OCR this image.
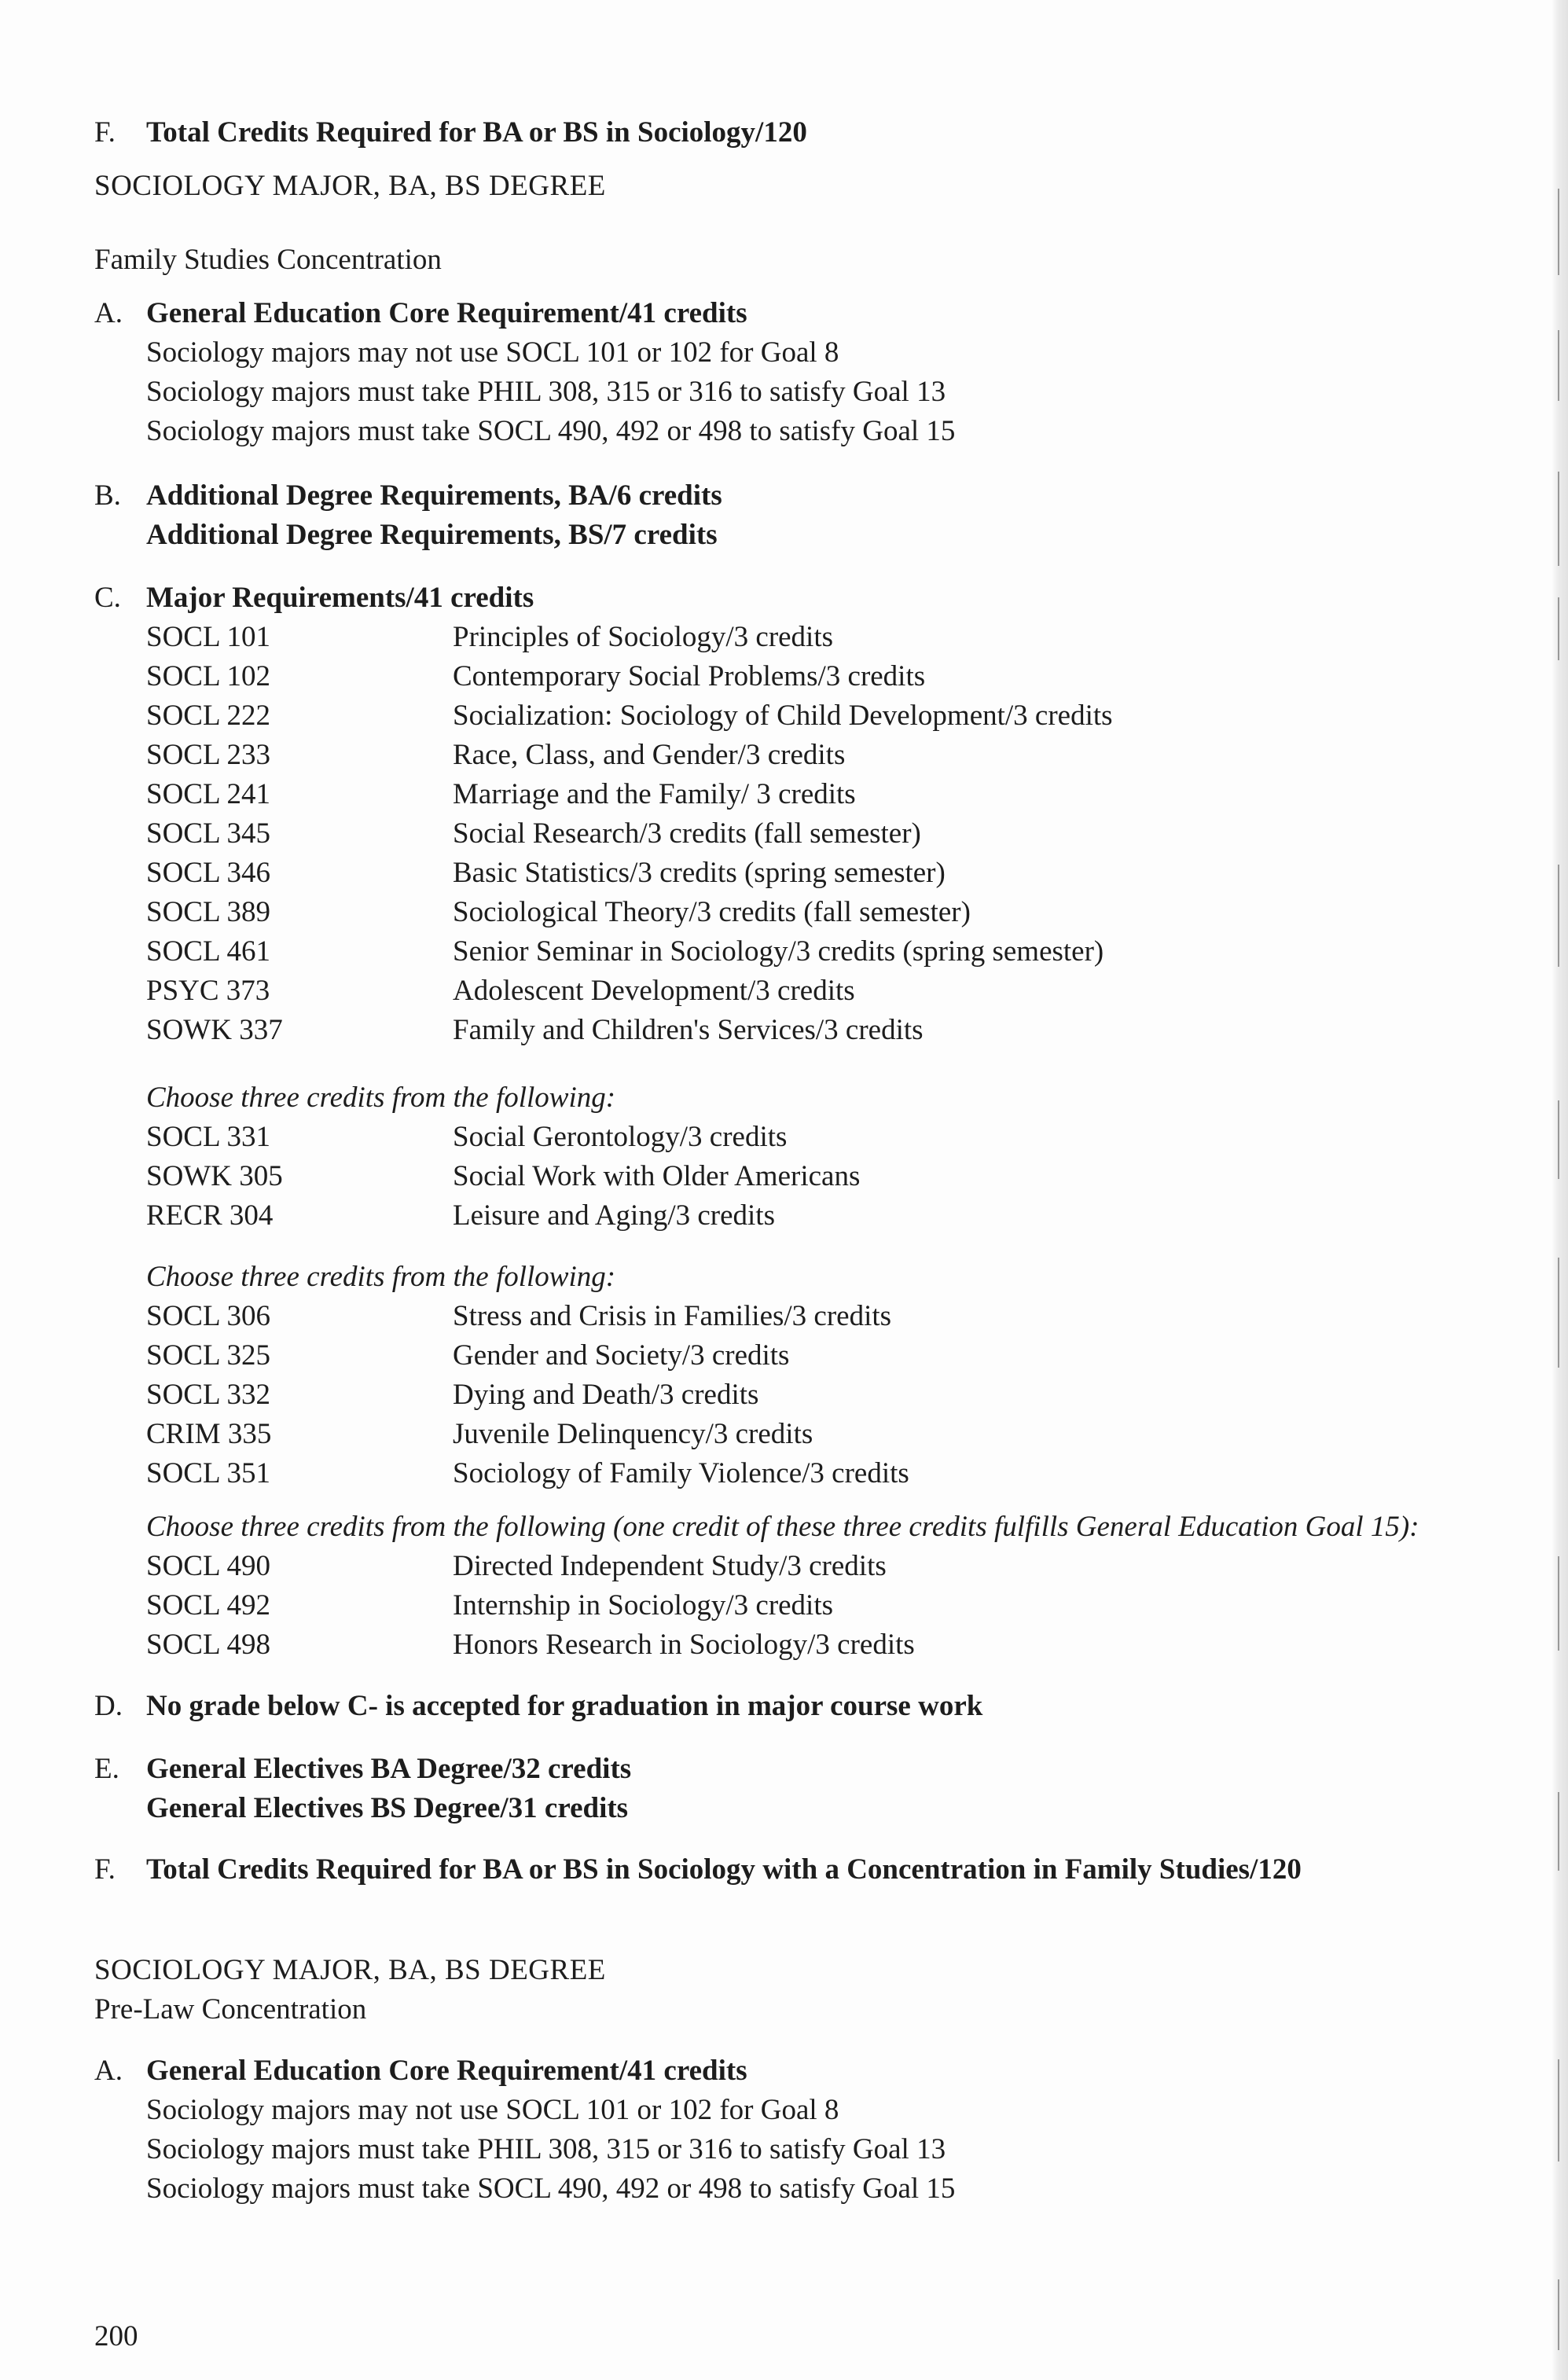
F.	Total Credits Required for BA or BS in Sociology/120
SOCIOLOGY MAJOR, BA, BS DEGREE
Family Studies Concentration
A. General Education Core Requirement/41 credits
Sociology majors may not use SOCL 101 or 102 for Goal 8
Sociology majors must take PHIL 308, 315 or 316 to satisfy Goal 13
Sociology majors must take SOCL 490, 492 or 498 to satisfy Goal 15
B. Additional Degree Requirements, BA/6 credits
Additional Degree Requirements, BS/7 credits
C. Major Requirements/41 credits
SOCL 101	Principles of Sociology/3 credits
SOCL 102	Contemporary Social Problems/3 credits
SOCL 222	Socialization: Sociology of Child Development/3 credits
SOCL 233	Race, Class, and Gender/3 credits
SOCL 241	Marriage and the Family/ 3 credits
SOCL 345	Social Research/3 credits (fall semester)
SOCL 346	Basic Statistics/3 credits (spring semester)
SOCL 389	Sociological Theory/3 credits (fall semester)
SOCL 461	Senior Seminar in Sociology/3 credits (spring semester)
PSYC 373	Adolescent Development/3 credits
SOWK 337	Family and Children's Services/3 credits
Choose three credits from the following:
SOCL 331	Social Gerontology/3 credits
SOWK 305	Social Work with Older Americans
RECR 304	Leisure and Aging/3 credits
Choose three credits from the following:
SOCL 306	Stress and Crisis in Families/3 credits
SOCL 325	Gender and Society/3 credits
SOCL 332	Dying and Death/3 credits
CRIM 335	Juvenile Delinquency/3 credits
SOCL 351	Sociology of Family Violence/3 credits
Choose three credits from the following (one credit of these three credits fulfills General Education Goal 15):
SOCL 490	Directed Independent Study/3 credits
SOCL 492	Internship in Sociology/3 credits
SOCL 498	Honors Research in Sociology/3 credits
D. No grade below C- is accepted for graduation in major course work
E. General Electives BA Degree/32 credits
General Electives BS Degree/31 credits
F.	Total Credits Required for BA or BS in Sociology with a Concentration in Family Studies/120
SOCIOLOGY MAJOR, BA, BS DEGREE
Pre-Law Concentration
A. General Education Core Requirement/41 credits
Sociology majors may not use SOCL 101 or 102 for Goal 8
Sociology majors must take PHIL 308, 315 or 316 to satisfy Goal 13
Sociology majors must take SOCL 490, 492 or 498 to satisfy Goal 15
200
